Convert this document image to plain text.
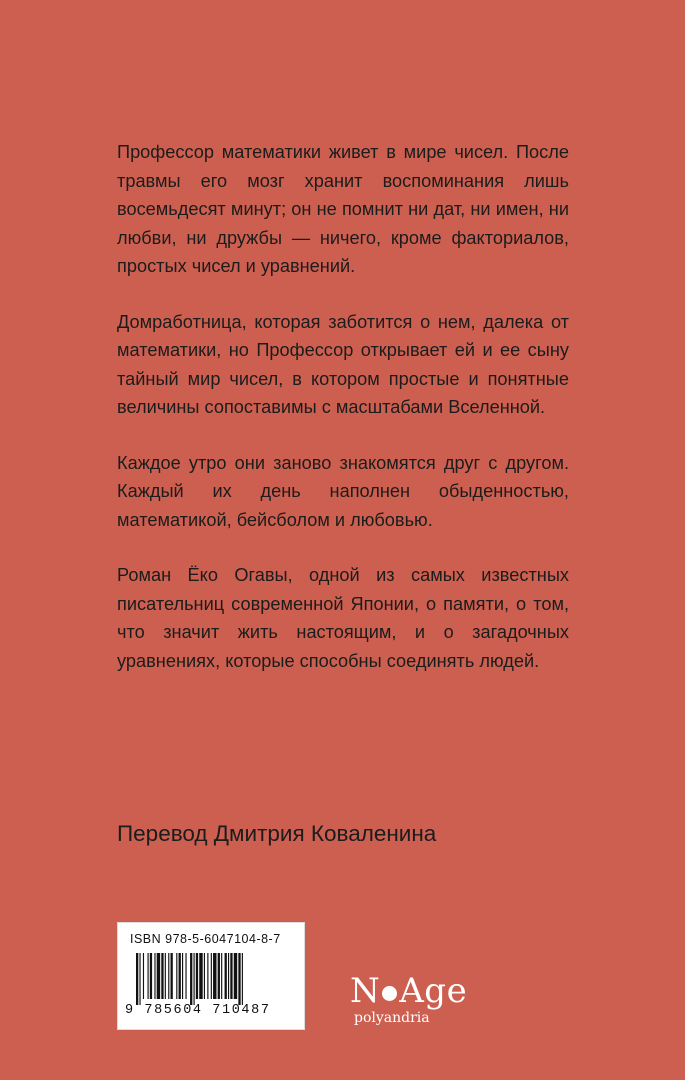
Профессор математики живет в мире чисел. После травмы его мозг хранит воспоминания лишь восемьдесят минут; он не помнит ни дат, ни имен, ни любви, ни дружбы — ничего, кроме факториалов, простых чисел и уравнений.

Домработница, которая заботится о нем, далека от математики, но Профессор открывает ей и ее сыну тайный мир чисел, в котором простые и понятные величины сопоставимы с масштабами Вселенной.

Каждое утро они заново знакомятся друг с другом. Каждый их день наполнен обыденностью, математикой, бейсболом и любовью.

Роман Ёко Огавы, одной из самых известных писательниц современной Японии, о памяти, о том, что значит жить настоящим, и о загадочных уравнениях, которые способны соединять людей.

Перевод Дмитрия Коваленина
ISBN 978-5-6047104-8-7
9 785604 710487 N Age
polyandria
